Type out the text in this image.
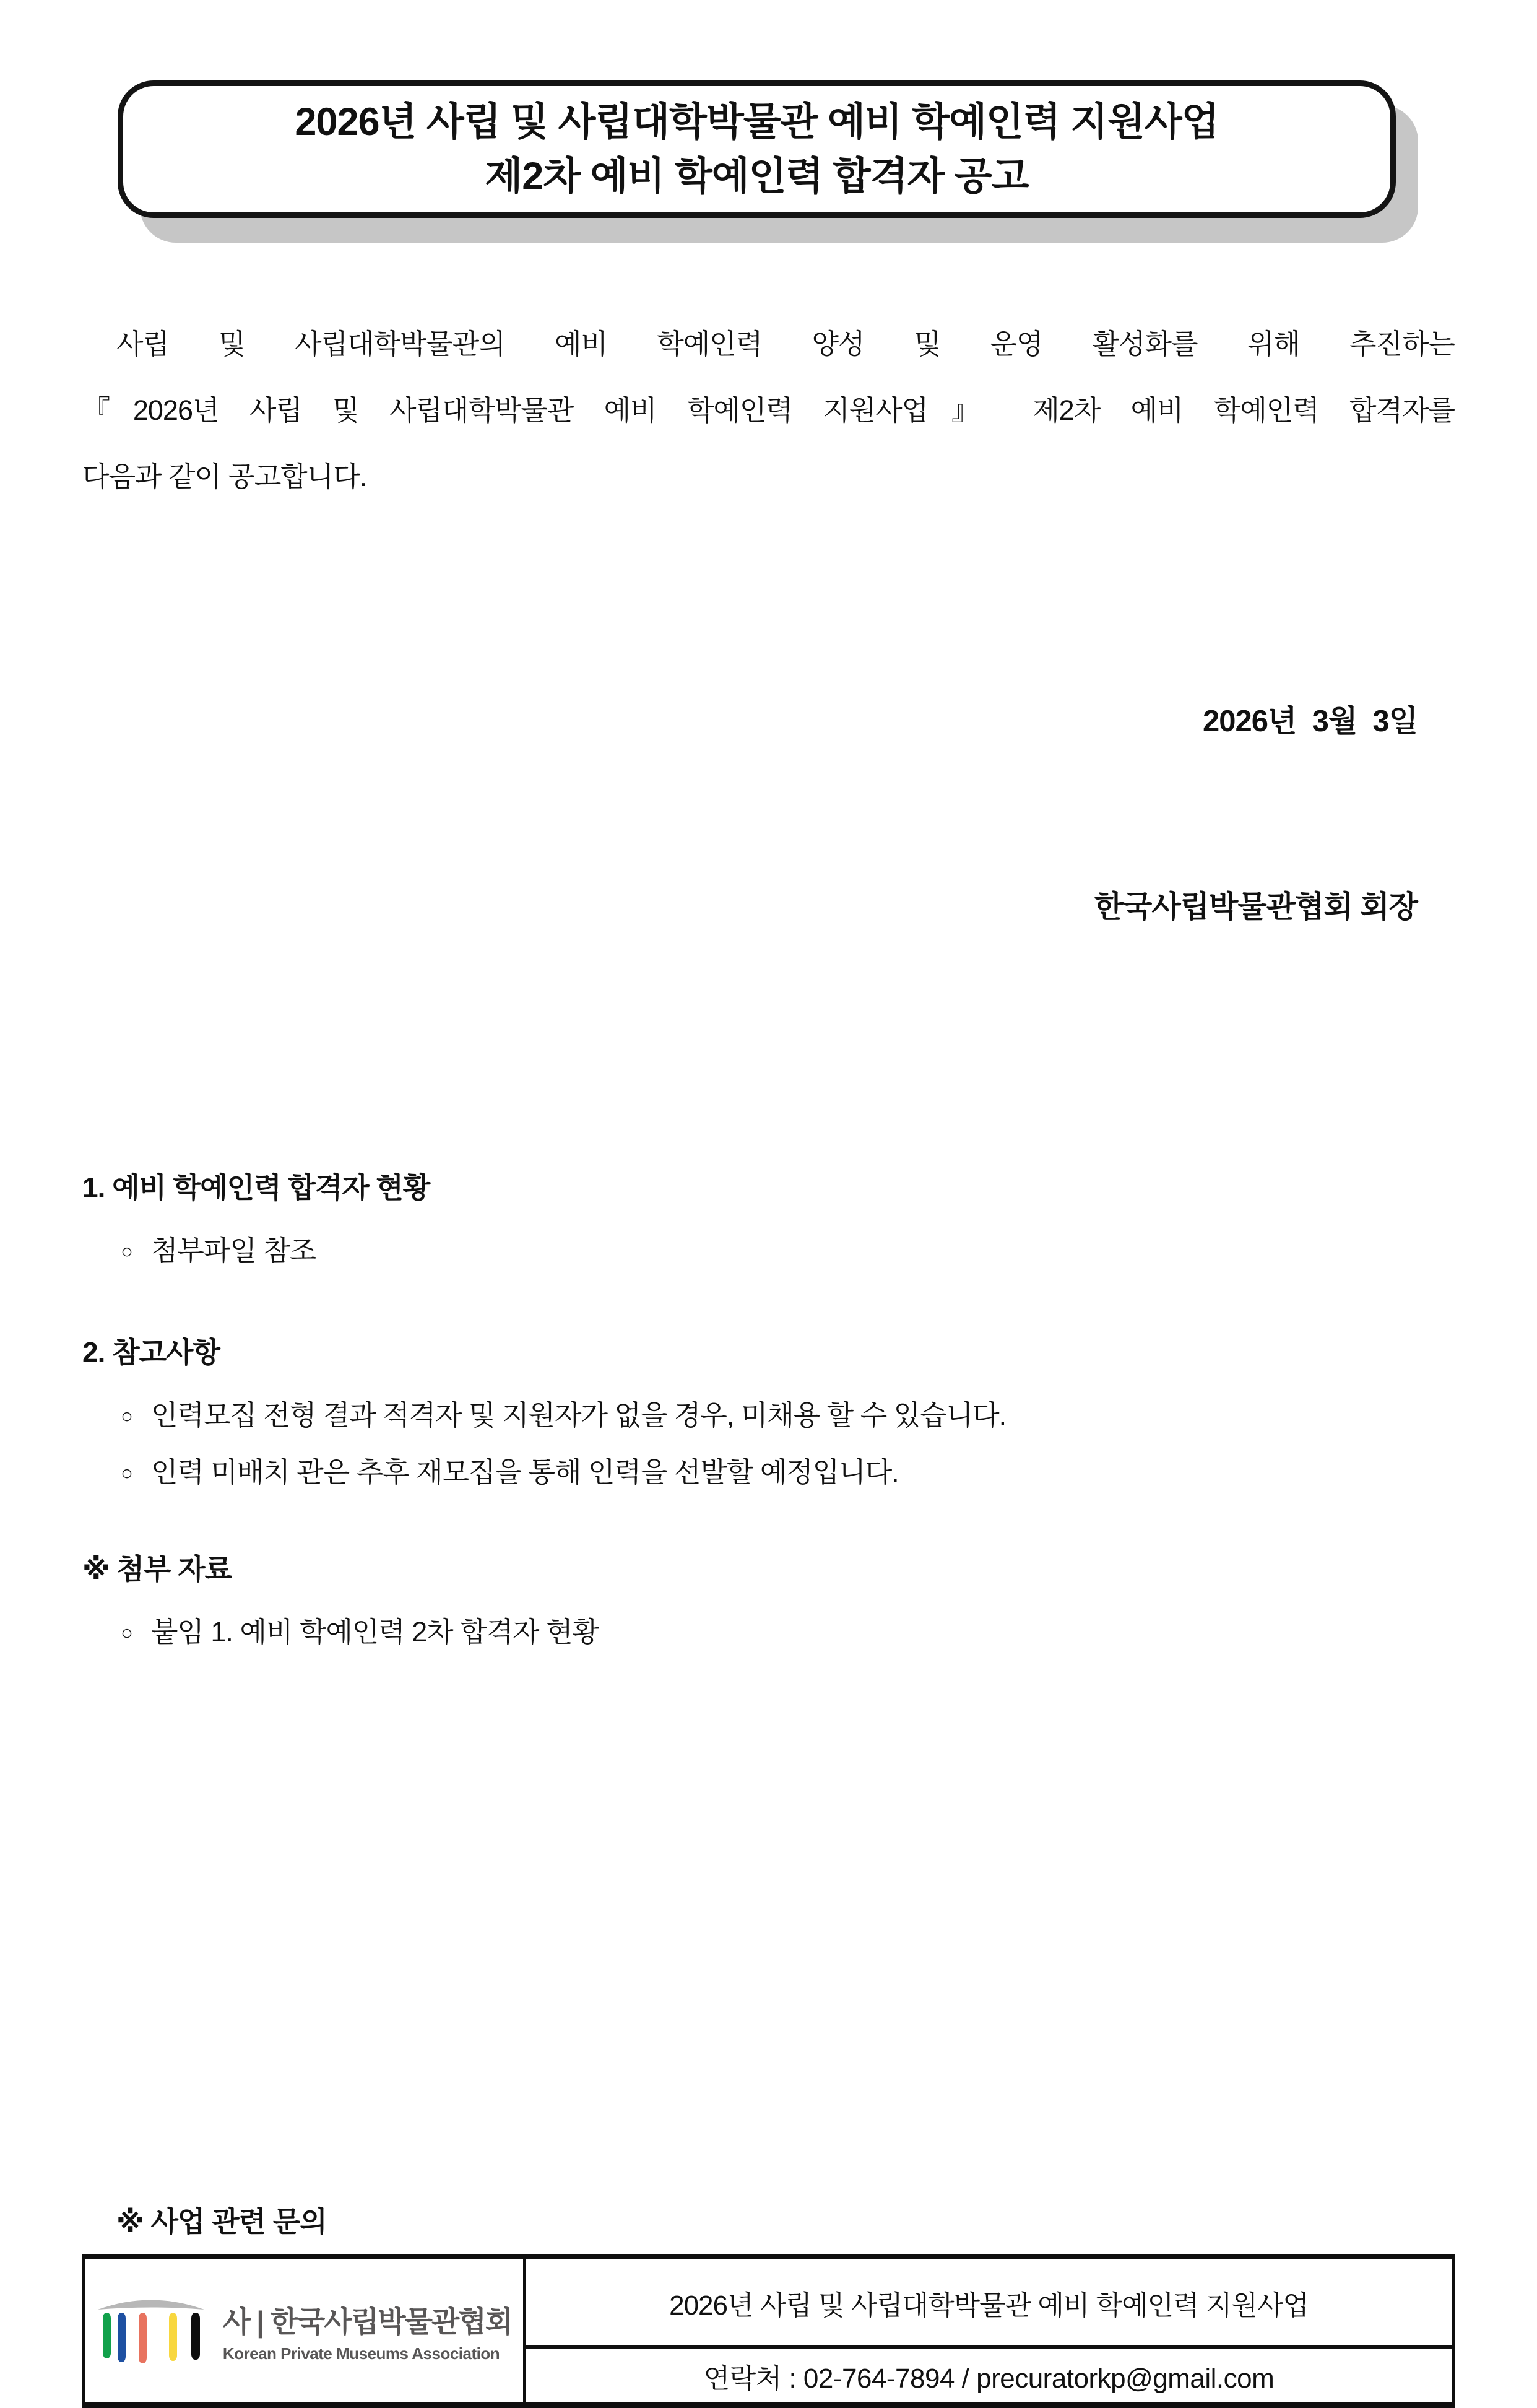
2026년 사립 및 사립대학박물관 예비 학예인력 지원사업
제2차 예비 학예인력 합격자 공고
사립 및 사립대학박물관의 예비 학예인력 양성 및 운영 활성화를 위해 추진하는
『2026년 사립 및 사립대학박물관 예비 학예인력 지원사업』 제2차 예비 학예인력 합격자를
다음과 같이 공고합니다.

2026년  3월  3일

한국사립박물관협회 회장

1. 예비 학예인력 합격자 현황
○ 첨부파일 참조
2. 참고사항
○ 인력모집 전형 결과 적격자 및 지원자가 없을 경우, 미채용 할 수 있습니다.
○ 인력 미배치 관은 추후 재모집을 통해 인력을 선발할 예정입니다.
※ 첨부 자료
○ 붙임 1. 예비 학예인력 2차 합격자 현황
※ 사업 관련 문의
사 | 한국사립박물관협회
Korean Private Museums Association
	2026년 사립 및 사립대학박물관 예비 학예인력 지원사업
연락처 : 02-764-7894 / precuratorkp@gmail.com
